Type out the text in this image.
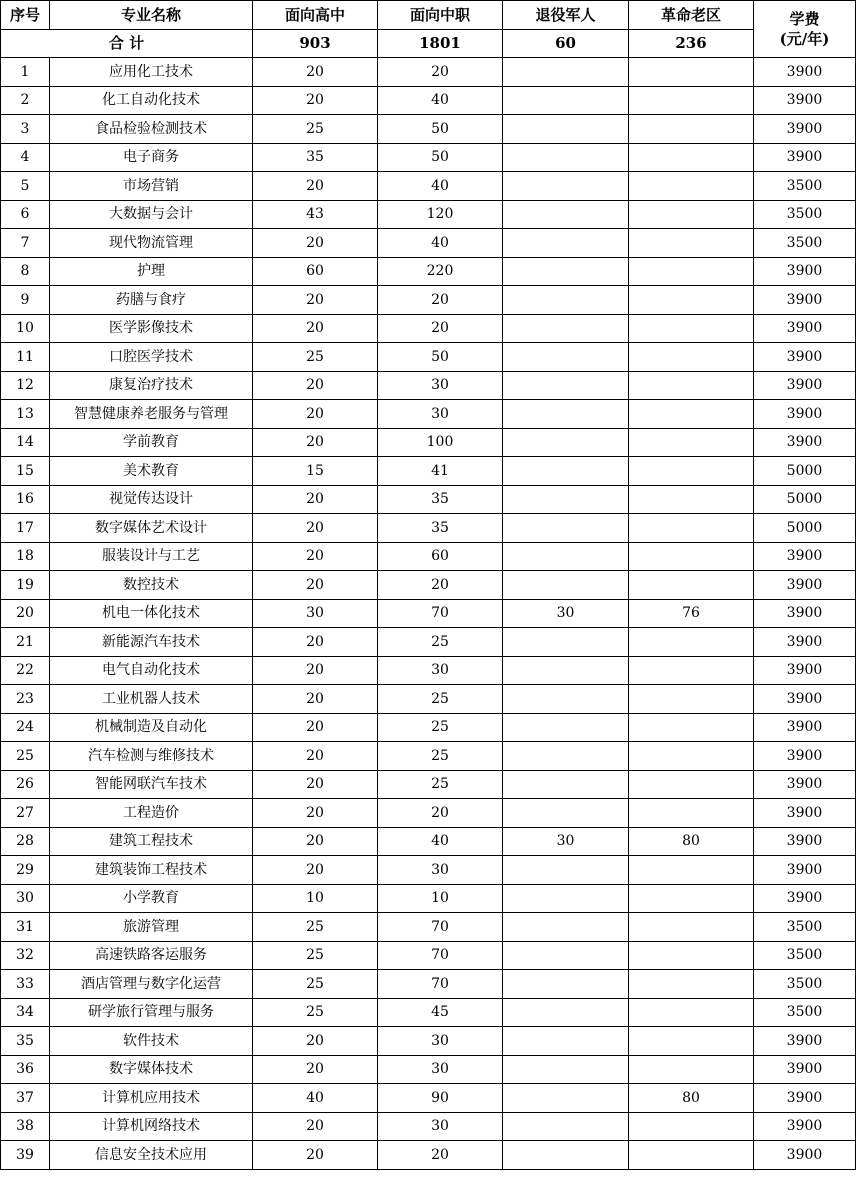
序号	专业名称	面向高中	面向中职	退役军人	革命老区	学费
(元/年)

合 计		903	1801	60	236	
1	应用化工技术	20	20			3900
2	化工自动化技术	20	40			3900
3	食品检验检测技术	25	50			3900
4	电子商务	35	50			3900
5	市场营销	20	40			3500
6	大数据与会计	43	120			3500
7	现代物流管理	20	40			3500
8	护理	60	220			3900
9	药膳与食疗	20	20			3900
10	医学影像技术	20	20			3900
11	口腔医学技术	25	50			3900
12	康复治疗技术	20	30			3900
13	智慧健康养老服务与管理	20	30			3900
14	学前教育	20	100			3900
15	美术教育	15	41			5000
16	视觉传达设计	20	35			5000
17	数字媒体艺术设计	20	35			5000
18	服装设计与工艺	20	60			3900
19	数控技术	20	20			3900
20	机电一体化技术	30	70	30	76	3900
21	新能源汽车技术	20	25			3900
22	电气自动化技术	20	30			3900
23	工业机器人技术	20	25			3900
24	机械制造及自动化	20	25			3900
25	汽车检测与维修技术	20	25			3900
26	智能网联汽车技术	20	25			3900
27	工程造价	20	20			3900
28	建筑工程技术	20	40	30	80	3900
29	建筑装饰工程技术	20	30			3900
30	小学教育	10	10			3900
31	旅游管理	25	70			3500
32	高速铁路客运服务	25	70			3500
33	酒店管理与数字化运营	25	70			3500
34	研学旅行管理与服务	25	45			3500
35	软件技术	20	30			3900
36	数字媒体技术	20	30			3900
37	计算机应用技术	40	90		80	3900
38	计算机网络技术	20	30			3900
39	信息安全技术应用	20	20			3900
